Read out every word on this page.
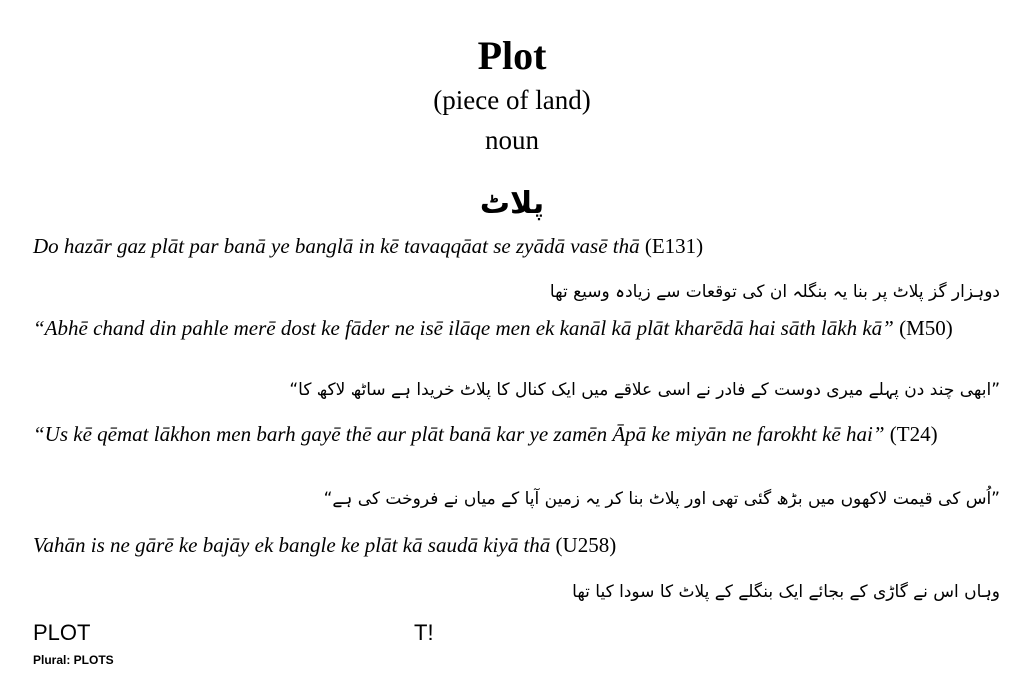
Plot
(piece of land)
noun
پلاٹ
Do hazār gaz plāt par banā ye banglā in kē tavaqqāat se zyādā vasē thā (E131)
دوہزار گز پلاٹ پر بنا یہ بنگلہ ان کی توقعات سے زیادہ وسیع تھا
“Abhē chand din pahle merē dost ke fāder ne isē ilāqe men ek kanāl kā plāt kharēdā hai sāth lākh kā” (M50)
”ابھی چند دن پہلے میری دوست کے فادر نے اسی علاقے میں ایک کنال کا پلاٹ خریدا ہے ساٹھ لاکھ کا“
“Us kē qēmat lākhon men barh gayē thē aur plāt banā kar ye zamēn Āpā ke miyān ne farokht kē hai” (T24)
”اُس کی قیمت لاکھوں میں بڑھ گئی تھی اور پلاٹ بنا کر یہ زمین آپا کے میاں نے فروخت کی ہے“
Vahān is ne gārē ke bajāy ek bangle ke plāt kā saudā kiyā thā (U258)
وہاں اس نے گاڑی کے بجائے ایک بنگلے کے پلاٹ کا سودا کیا تھا
PLOT
Plural: PLOTS
T!
